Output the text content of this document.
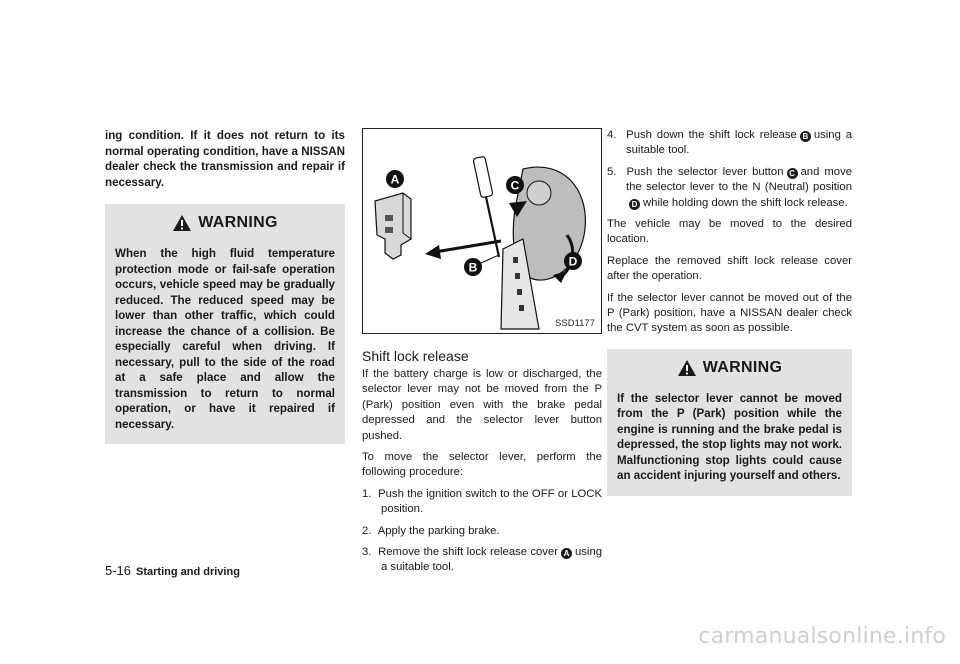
ing condition. If it does not return to its normal operating condition, have a NISSAN dealer check the transmission and repair if necessary.

WARNING

When the high fluid temperature protection mode or fail-safe operation occurs, vehicle speed may be gradually reduced. The reduced speed may be lower than other traffic, which could increase the chance of a collision. Be especially careful when driving. If necessary, pull to the side of the road at a safe place and allow the transmission to return to normal operation, or have it repaired if necessary.

A
B
C
D
SSD1177
Shift lock release

If the battery charge is low or discharged, the selector lever may not be moved from the P (Park) position even with the brake pedal depressed and the selector lever button pushed.

To move the selector lever, perform the following procedure:

1. Push the ignition switch to the OFF or LOCK position.

2. Apply the parking brake.

3. Remove the shift lock release cover A using a suitable tool.

4. Push down the shift lock release B using a suitable tool.

5. Push the selector lever button C and move the selector lever to the N (Neutral) positionD while holding down the shift lock release.

The vehicle may be moved to the desired location.

Replace the removed shift lock release cover after the operation.

If the selector lever cannot be moved out of the P (Park) position, have a NISSAN dealer check the CVT system as soon as possible.

WARNING

If the selector lever cannot be moved from the P (Park) position while the engine is running and the brake pedal is depressed, the stop lights may not work. Malfunctioning stop lights could cause an accident injuring yourself and others.

5-16 Starting and driving
carmanualsonline.info
